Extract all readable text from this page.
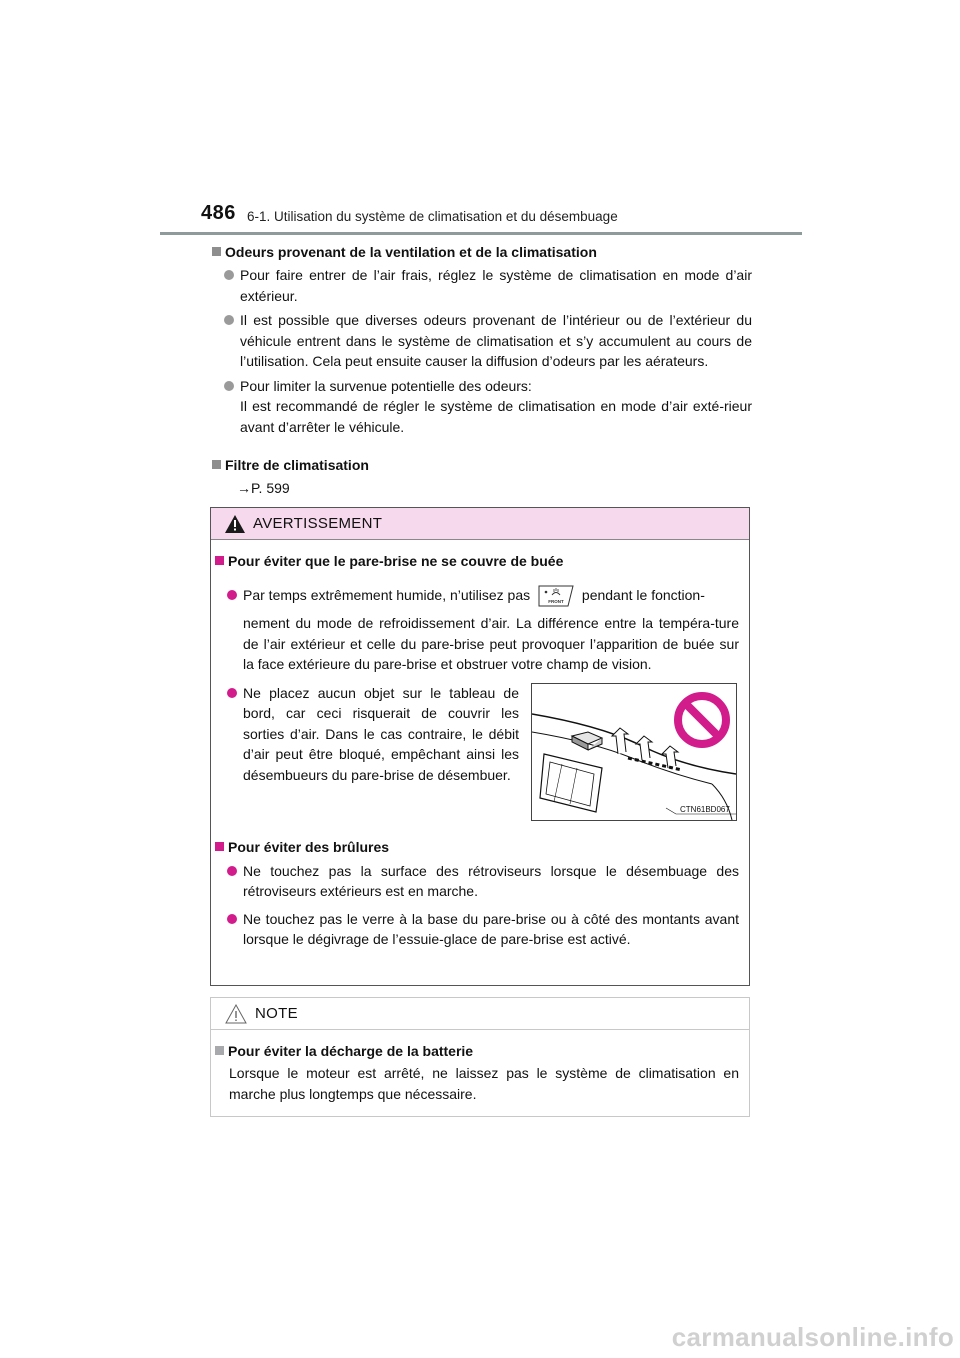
486 6-1. Utilisation du système de climatisation et du désembuage
Odeurs provenant de la ventilation et de la climatisation

Pour faire entrer de l’air frais, réglez le système de climatisation en mode d’air extérieur.

Il est possible que diverses odeurs provenant de l’intérieur ou de l’extérieur du véhicule entrent dans le système de climatisation et s’y accumulent au cours de l’utilisation. Cela peut ensuite causer la diffusion d’odeurs par les aérateurs.

Pour limiter la survenue potentielle des odeurs:

Il est recommandé de régler le système de climatisation en mode d’air exté-rieur avant d’arrêter le véhicule.

Filtre de climatisation
→P. 599
AVERTISSEMENT
Pour éviter que le pare-brise ne se couvre de buée
Par temps extrêmement humide, n’utilisez pas	FRONT pendant le fonction-
nement du mode de refroidissement d’air. La différence entre la tempéra-ture de l’air extérieur et celle du pare-brise peut provoquer l’apparition de buée sur la face extérieure du pare-brise et obstruer votre champ de vision.
Ne placez aucun objet sur le tableau de bord, car ceci risquerait de couvrir les sorties d’air. Dans le cas contraire, le débit d’air peut être bloqué, empêchant ainsi les désembueurs du pare-brise de désembuer.
CTN61BD067
Pour éviter des brûlures
Ne touchez pas la surface des rétroviseurs lorsque le désembuage des rétroviseurs extérieurs est en marche.
Ne touchez pas le verre à la base du pare-brise ou à côté des montants avant lorsque le dégivrage de l’essuie-glace de pare-brise est activé.
NOTE
Pour éviter la décharge de la batterie
Lorsque le moteur est arrêté, ne laissez pas le système de climatisation en marche plus longtemps que nécessaire.
carmanualsonline.info
